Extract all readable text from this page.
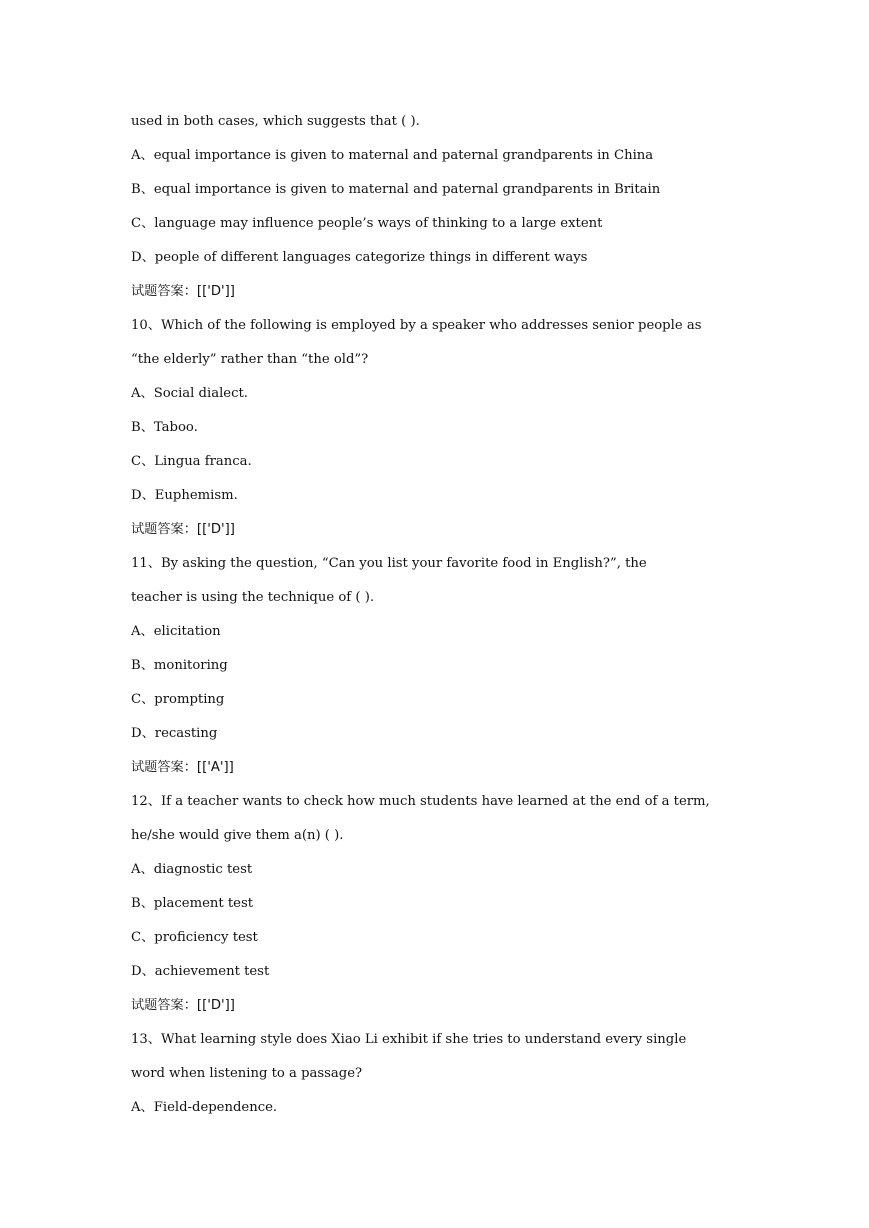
used in both cases, which suggests that ( ).
A、equal importance is given to maternal and paternal grandparents in China
B、equal importance is given to maternal and paternal grandparents in Britain
C、language may influence people’s ways of thinking to a large extent
D、people of different languages categorize things in different ways
试题答案：[['D']]
10、Which of the following is employed by a speaker who addresses senior people as
“the elderly” rather than “the old”?
A、Social dialect.
B、Taboo.
C、Lingua franca.
D、Euphemism.
试题答案：[['D']]
11、By asking the question, “Can you list your favorite food in English?”, the
teacher is using the technique of ( ).
A、elicitation
B、monitoring
C、prompting
D、recasting
试题答案：[['A']]
12、If a teacher wants to check how much students have learned at the end of a term,
he/she would give them a(n) ( ).
A、diagnostic test
B、placement test
C、proficiency test
D、achievement test
试题答案：[['D']]
13、What learning style does Xiao Li exhibit if she tries to understand every single
word when listening to a passage?
A、Field-dependence.
